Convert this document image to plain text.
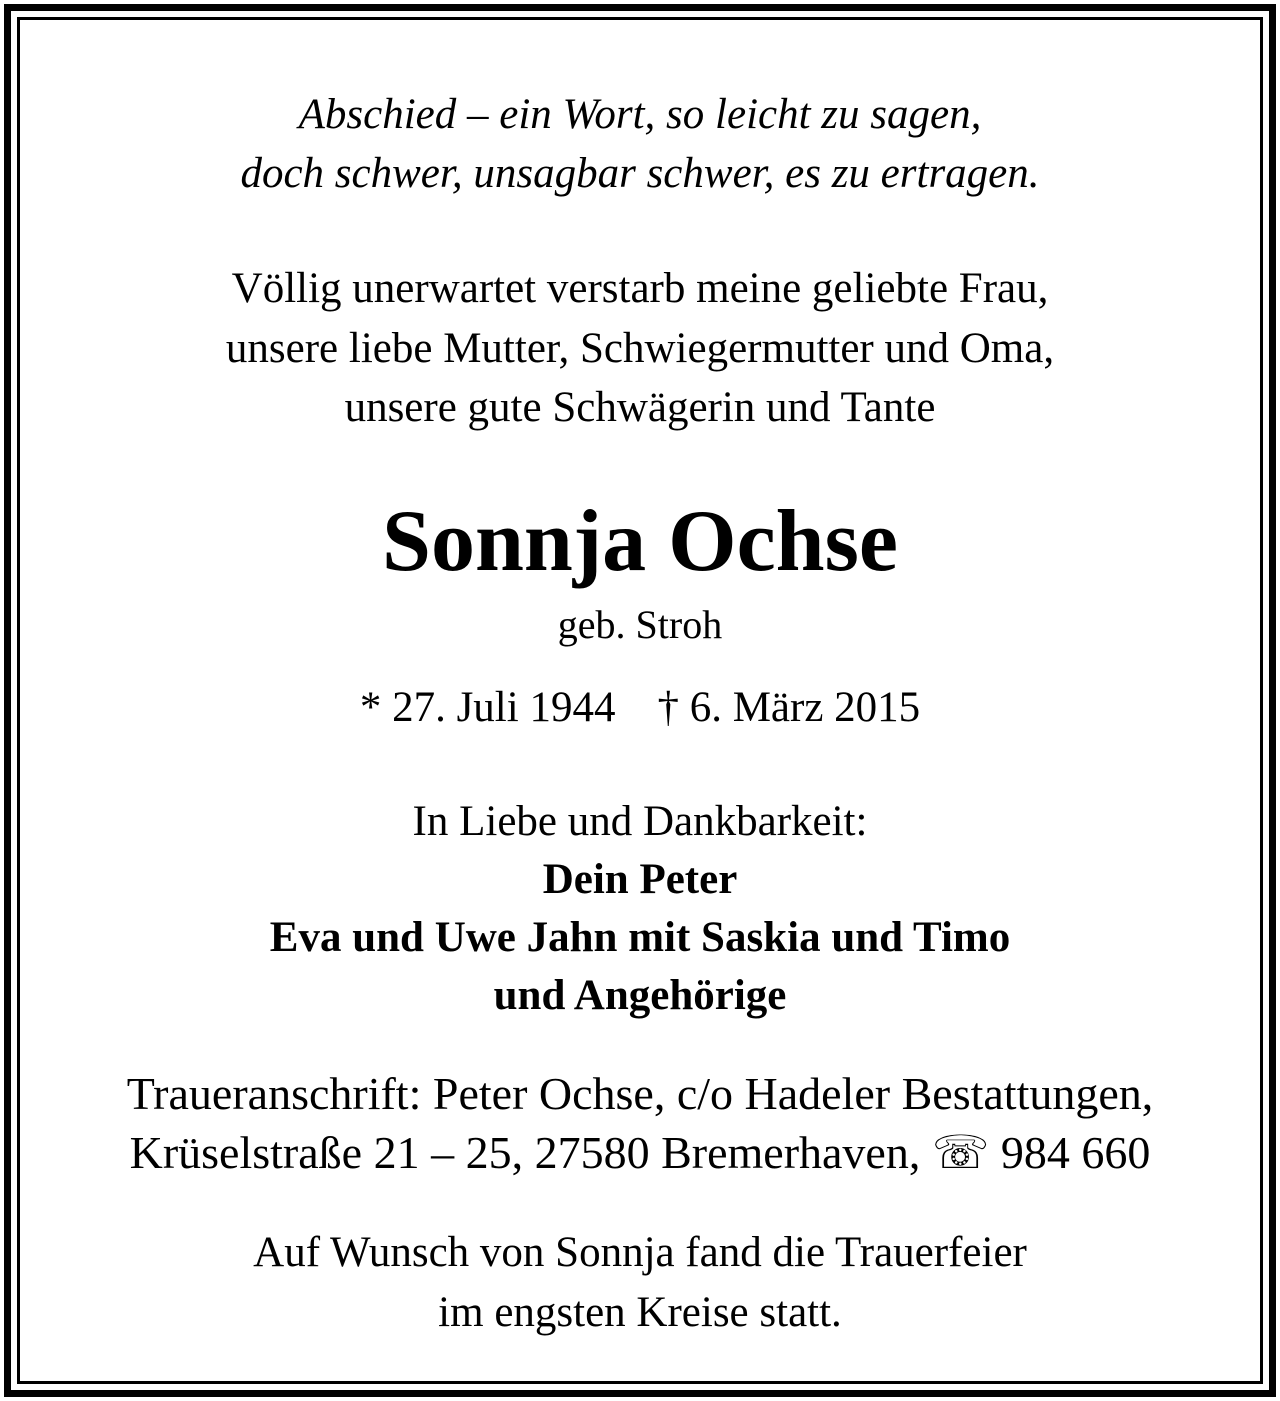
Abschied – ein Wort, so leicht zu sagen,

doch schwer, unsagbar schwer, es zu ertragen.

Völlig unerwartet verstarb meine geliebte Frau,

unsere liebe Mutter, Schwiegermutter und Oma,

unsere gute Schwägerin und Tante

Sonnja Ochse

geb. Stroh

* 27. Juli 1944 † 6. März 2015

In Liebe und Dankbarkeit:

Dein Peter

Eva und Uwe Jahn mit Saskia und Timo

und Angehörige

Traueranschrift: Peter Ochse, c/o Hadeler Bestattungen,

Krüselstraße 21 – 25, 27580 Bremerhaven, ☏ 984 660

Auf Wunsch von Sonnja fand die Trauerfeier

im engsten Kreise statt.
